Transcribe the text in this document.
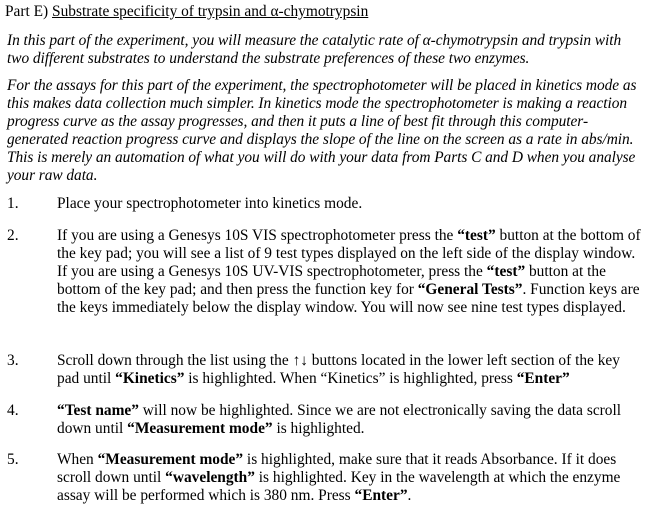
Part E) Substrate specificity of trypsin and α-chymotrypsin

In this part of the experiment, you will measure the catalytic rate of α-chymotrypsin and trypsin with two different substrates to understand the substrate preferences of these two enzymes.

For the assays for this part of the experiment, the spectrophotometer will be placed in kinetics mode as this makes data collection much simpler. In kinetics mode the spectrophotometer is making a reaction progress curve as the assay progresses, and then it puts a line of best fit through this computer-generated reaction progress curve and displays the slope of the line on the screen as a rate in abs/min. This is merely an automation of what you will do with your data from Parts C and D when you analyse your raw data.

1. Place your spectrophotometer into kinetics mode.
2. If you are using a Genesys 10S VIS spectrophotometer press the “test” button at the bottom of the key pad; you will see a list of 9 test types displayed on the left side of the display window. If you are using a Genesys 10S UV-VIS spectrophotometer, press the “test” button at the bottom of the key pad; and then press the function key for “General Tests”. Function keys are the keys immediately below the display window. You will now see nine test types displayed.
3. Scroll down through the list using the ↑↓ buttons located in the lower left section of the key pad until “Kinetics” is highlighted. When “Kinetics” is highlighted, press “Enter”
4. “Test name” will now be highlighted. Since we are not electronically saving the data scroll down until “Measurement mode” is highlighted.
5. When “Measurement mode” is highlighted, make sure that it reads Absorbance. If it does scroll down until “wavelength” is highlighted. Key in the wavelength at which the enzyme assay will be performed which is 380 nm. Press “Enter”.
